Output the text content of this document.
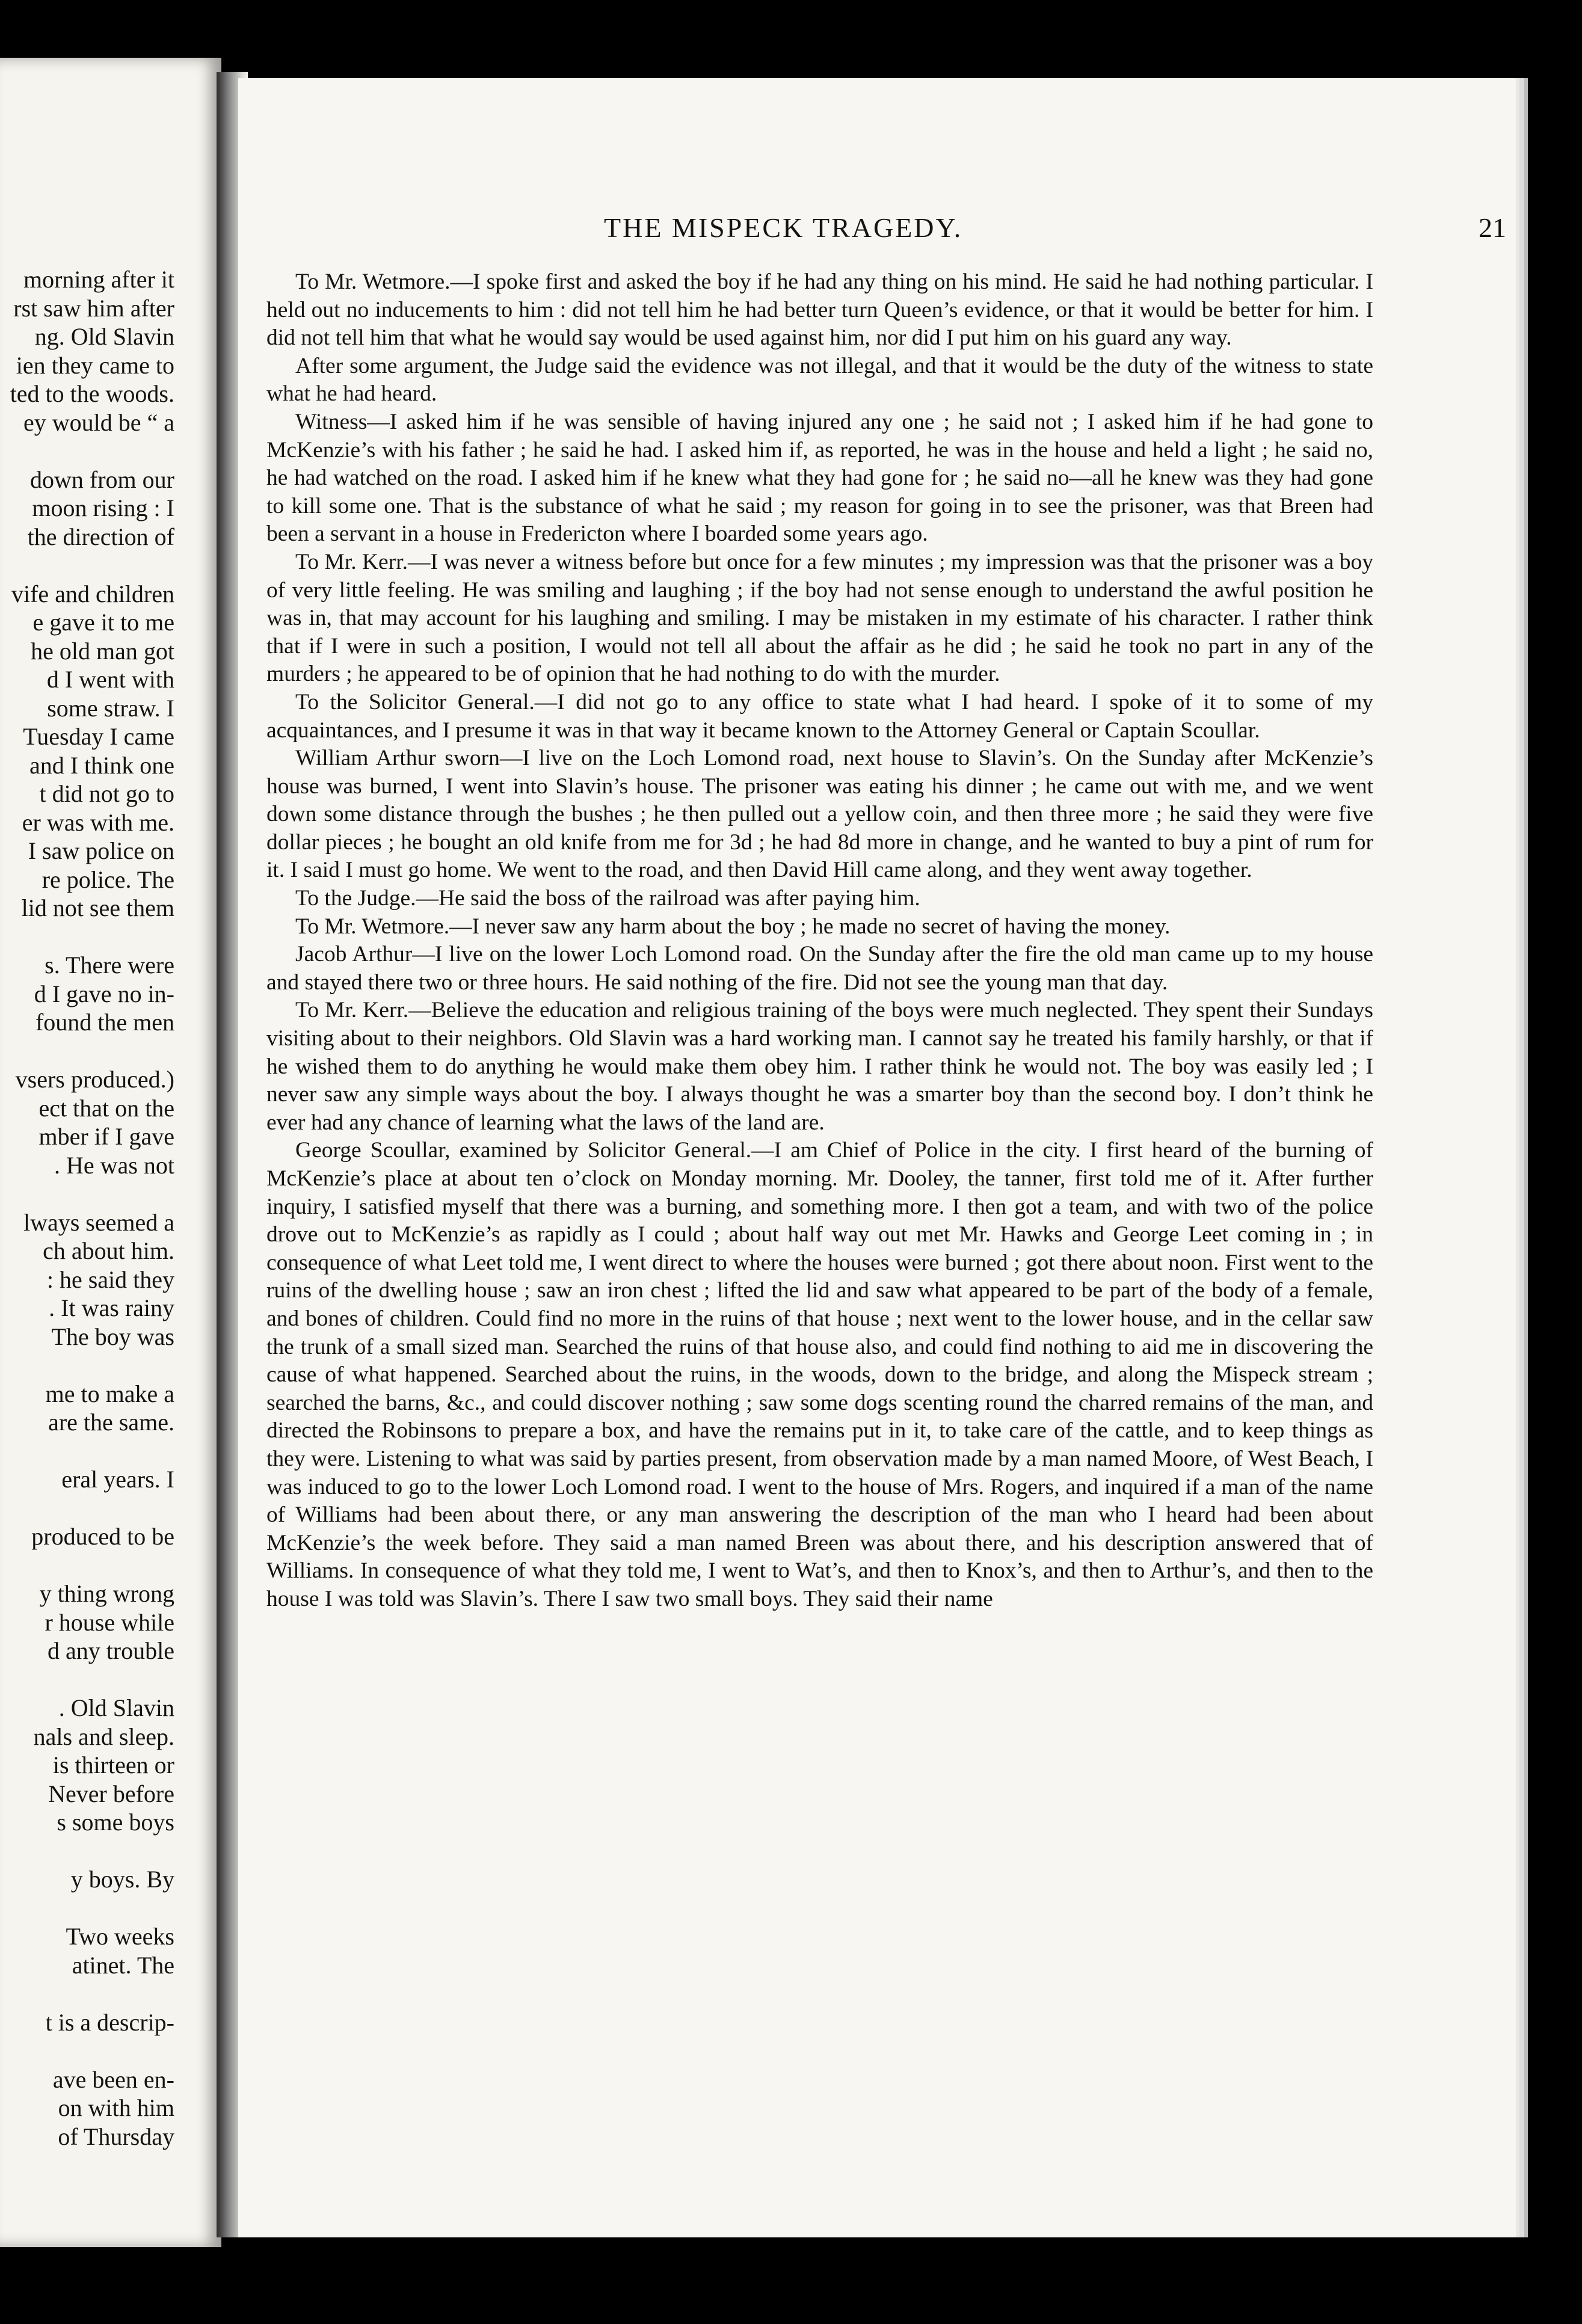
morning after it
rst saw him after
ng. Old Slavin
ien they came to
ted to the woods.
ey would be “ a
down from our
moon rising : I
the direction of
vife and children
e gave it to me
he old man got
d I went with
some straw. I
Tuesday I came
and I think one
t did not go to
er was with me.
I saw police on
re police. The
lid not see them
s. There were
d I gave no in-
found the men
vsers produced.)
ect that on the
mber if I gave
. He was not
lways seemed a
ch about him.
: he said they
. It was rainy
The boy was
me to make a
are the same.
eral years. I
produced to be
y thing wrong
r house while
d any trouble
. Old Slavin
nals and sleep.
is thirteen or
Never before
s some boys
y boys. By
Two weeks
atinet. The
t is a descrip-
ave been en-
on with him
of Thursday
THE MISPECK TRAGEDY.	21

To Mr. Wetmore.—I spoke first and asked the boy if he had any thing on his mind. He said he had nothing particular. I held out no inducements to him : did not tell him he had better turn Queen’s evidence, or that it would be better for him. I did not tell him that what he would say would be used against him, nor did I put him on his guard any way.

After some argument, the Judge said the evidence was not illegal, and that it would be the duty of the witness to state what he had heard.

Witness—I asked him if he was sensible of having injured any one ; he said not ; I asked him if he had gone to McKenzie’s with his father ; he said he had. I asked him if, as reported, he was in the house and held a light ; he said no, he had watched on the road. I asked him if he knew what they had gone for ; he said no—all he knew was they had gone to kill some one. That is the substance of what he said ; my reason for going in to see the prisoner, was that Breen had been a servant in a house in Fredericton where I boarded some years ago.

To Mr. Kerr.—I was never a witness before but once for a few minutes ; my impression was that the prisoner was a boy of very little feeling. He was smiling and laughing ; if the boy had not sense enough to understand the awful position he was in, that may account for his laughing and smiling. I may be mistaken in my estimate of his character. I rather think that if I were in such a position, I would not tell all about the affair as he did ; he said he took no part in any of the murders ; he appeared to be of opinion that he had nothing to do with the murder.

To the Solicitor General.—I did not go to any office to state what I had heard. I spoke of it to some of my acquaintances, and I presume it was in that way it became known to the Attorney General or Captain Scoullar.

William Arthur sworn—I live on the Loch Lomond road, next house to Slavin’s. On the Sunday after McKenzie’s house was burned, I went into Slavin’s house. The prisoner was eating his dinner ; he came out with me, and we went down some distance through the bushes ; he then pulled out a yellow coin, and then three more ; he said they were five dollar pieces ; he bought an old knife from me for 3d ; he had 8d more in change, and he wanted to buy a pint of rum for it. I said I must go home. We went to the road, and then David Hill came along, and they went away together.

To the Judge.—He said the boss of the railroad was after paying him.

To Mr. Wetmore.—I never saw any harm about the boy ; he made no secret of having the money.

Jacob Arthur—I live on the lower Loch Lomond road. On the Sunday after the fire the old man came up to my house and stayed there two or three hours. He said nothing of the fire. Did not see the young man that day.

To Mr. Kerr.—Believe the education and religious training of the boys were much neglected. They spent their Sundays visiting about to their neighbors. Old Slavin was a hard working man. I cannot say he treated his family harshly, or that if he wished them to do anything he would make them obey him. I rather think he would not. The boy was easily led ; I never saw any simple ways about the boy. I always thought he was a smarter boy than the second boy. I don’t think he ever had any chance of learning what the laws of the land are.

George Scoullar, examined by Solicitor General.—I am Chief of Police in the city. I first heard of the burning of McKenzie’s place at about ten o’clock on Monday morning. Mr. Dooley, the tanner, first told me of it. After further inquiry, I satisfied myself that there was a burning, and something more. I then got a team, and with two of the police drove out to McKenzie’s as rapidly as I could ; about half way out met Mr. Hawks and George Leet coming in ; in consequence of what Leet told me, I went direct to where the houses were burned ; got there about noon. First went to the ruins of the dwelling house ; saw an iron chest ; lifted the lid and saw what appeared to be part of the body of a female, and bones of children. Could find no more in the ruins of that house ; next went to the lower house, and in the cellar saw the trunk of a small sized man. Searched the ruins of that house also, and could find nothing to aid me in discovering the cause of what happened. Searched about the ruins, in the woods, down to the bridge, and along the Mispeck stream ; searched the barns, &c., and could discover nothing ; saw some dogs scenting round the charred remains of the man, and directed the Robinsons to prepare a box, and have the remains put in it, to take care of the cattle, and to keep things as they were. Listening to what was said by parties present, from observation made by a man named Moore, of West Beach, I was induced to go to the lower Loch Lomond road. I went to the house of Mrs. Rogers, and inquired if a man of the name of Williams had been about there, or any man answering the description of the man who I heard had been about McKenzie’s the week before. They said a man named Breen was about there, and his description answered that of Williams. In consequence of what they told me, I went to Wat’s, and then to Knox’s, and then to Arthur’s, and then to the house I was told was Slavin’s. There I saw two small boys. They said their name
